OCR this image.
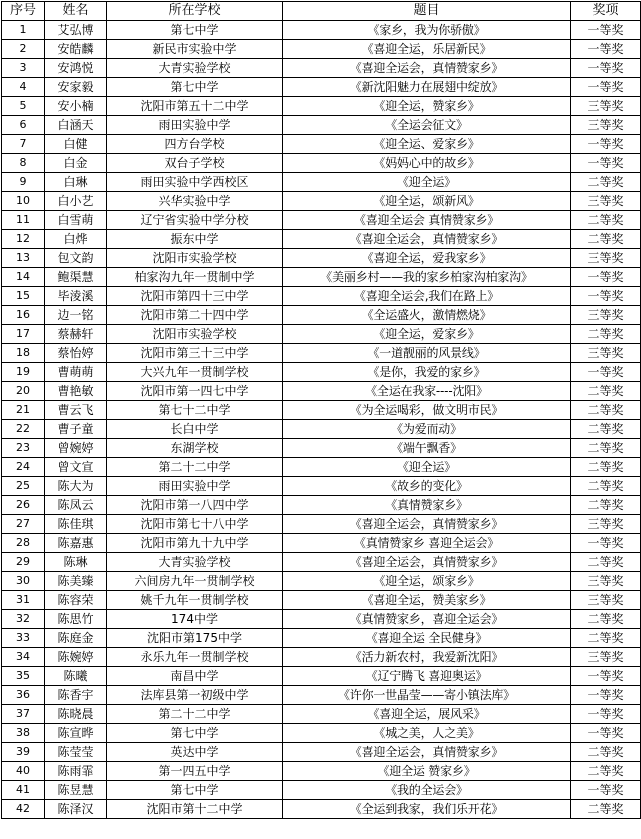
序号	姓名	所在学校	题目	奖项
1	艾弘博	第七中学	《家乡，我为你骄傲》	一等奖
2	安皓麟	新民市实验中学	《喜迎全运，乐居新民》	一等奖
3	安鸿悦	大青实验学校	《喜迎全运会，真情赞家乡》	一等奖
4	安家毅	第七中学	《新沈阳魅力在展翅中绽放》	一等奖
5	安小楠	沈阳市第五十二中学	《迎全运，赞家乡》	三等奖
6	白涵天	雨田实验中学	《全运会征文》	三等奖
7	白健	四方台学校	《迎全运、爱家乡》	一等奖
8	白金	双台子学校	《妈妈心中的故乡》	一等奖
9	白琳	雨田实验中学西校区	《迎全运》	二等奖
10	白小艺	兴华实验中学	《迎全运，颂新风》	三等奖
11	白雪萌	辽宁省实验中学分校	《喜迎全运会 真情赞家乡》	二等奖
12	白烨	振东中学	《喜迎全运会，真情赞家乡》	二等奖
13	包文韵	沈阳市实验学校	《喜迎全运，爱我家乡》	三等奖
14	鲍渠慧	柏家沟九年一贯制中学	《美丽乡村——我的家乡柏家沟柏家沟》	一等奖
15	毕淩溪	沈阳市第四十三中学	《喜迎全运会,我们在路上》	一等奖
16	边一铭	沈阳市第二十四中学	《全运盛火，激情燃烧》	三等奖
17	蔡赫轩	沈阳市实验学校	《迎全运，爱家乡》	二等奖
18	蔡怡婷	沈阳市第三十三中学	《一道靓丽的风景线》	三等奖
19	曹萌萌	大兴九年一贯制学校	《是你，我爱的家乡》	一等奖
20	曹艳敏	沈阳市第一四七中学	《全运在我家----沈阳》	二等奖
21	曹云飞	第七十二中学	《为全运喝彩，做文明市民》	二等奖
22	曹子童	长白中学	《为爱而动》	二等奖
23	曾婉婷	东湖学校	《端午飘香》	二等奖
24	曾文宣	第二十二中学	《迎全运》	二等奖
25	陈大为	雨田实验中学	《故乡的变化》	二等奖
26	陈凤云	沈阳市第一八四中学	《真情赞家乡》	二等奖
27	陈佳琪	沈阳市第七十八中学	《喜迎全运会，真情赞家乡》	三等奖
28	陈嘉惠	沈阳市第九十九中学	《真情赞家乡 喜迎全运会》	一等奖
29	陈琳	大青实验学校	《喜迎全运会，真情赞家乡》	二等奖
30	陈美臻	六间房九年一贯制学校	《迎全运，颂家乡》	三等奖
31	陈容荣	姚千九年一贯制学校	《喜迎全运，赞美家乡》	三等奖
32	陈思竹	174中学	《真情赞家乡，喜迎全运会》	二等奖
33	陈庭金	沈阳市第175中学	《喜迎全运 全民健身》	二等奖
34	陈婉婷	永乐九年一贯制学校	《活力新农村，我爱新沈阳》	三等奖
35	陈曦	南昌中学	《辽宁腾飞 喜迎奥运》	一等奖
36	陈香宇	法库县第一初级中学	《许你一世晶莹——寄小镇法库》	一等奖
37	陈晓晨	第二十二中学	《喜迎全运，展风采》	一等奖
38	陈宣晔	第七中学	《城之美，人之美》	一等奖
39	陈莹莹	英达中学	《喜迎全运会，真情赞家乡》	二等奖
40	陈雨霏	第一四五中学	《迎全运 赞家乡》	二等奖
41	陈昱慧	第七中学	《我的全运会》	一等奖
42	陈泽汉	沈阳市第十二中学	《全运到我家，我们乐开花》	二等奖
